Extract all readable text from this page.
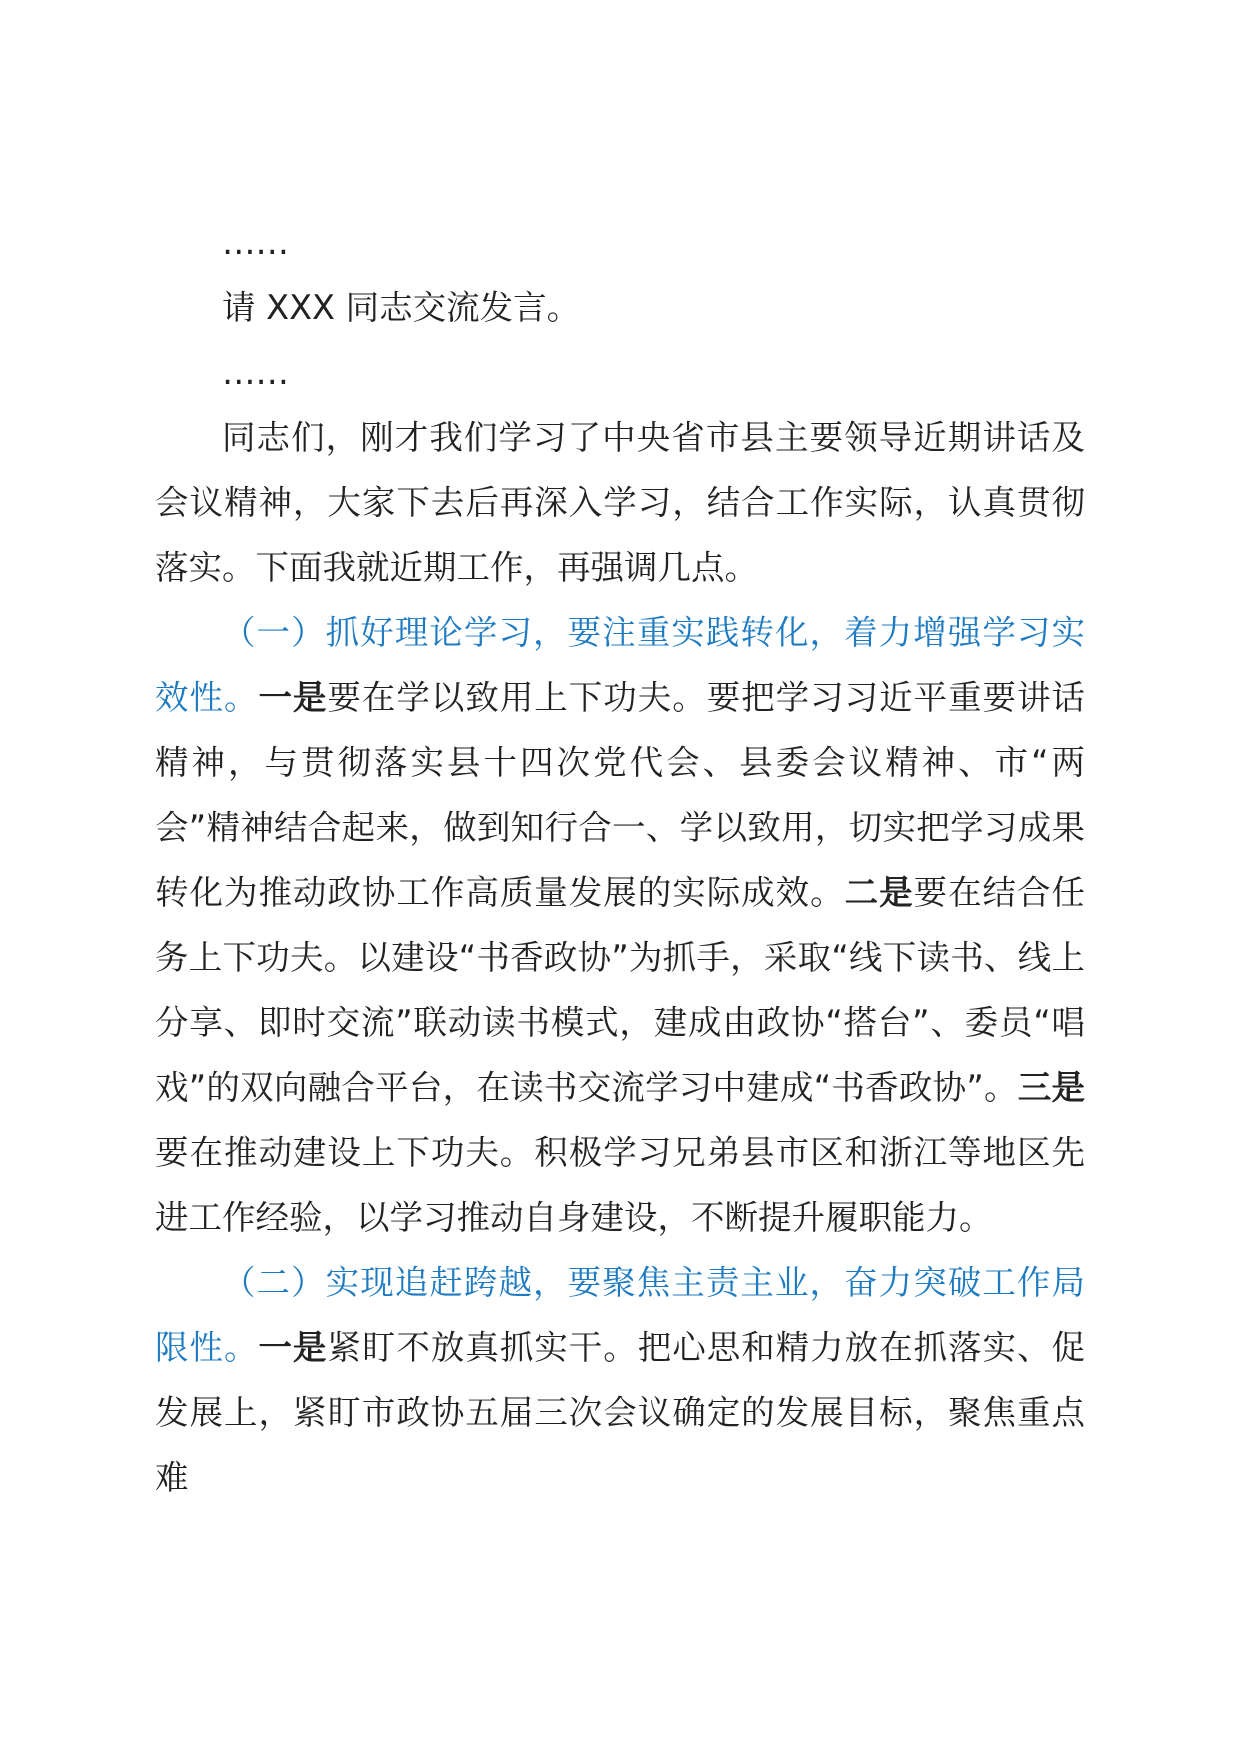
……

请 XXX 同志交流发言。

……

同志们，刚才我们学习了中央省市县主要领导近期讲话及会议精神，大家下去后再深入学习，结合工作实际，认真贯彻落实。下面我就近期工作，再强调几点。

（一）抓好理论学习，要注重实践转化，着力增强学习实效性。一是要在学以致用上下功夫。要把学习习近平重要讲话精神，与贯彻落实县十四次党代会、县委会议精神、市“两会”精神结合起来，做到知行合一、学以致用，切实把学习成果转化为推动政协工作高质量发展的实际成效。二是要在结合任务上下功夫。以建设“书香政协”为抓手，采取“线下读书、线上分享、即时交流”联动读书模式，建成由政协“搭台”、委员“唱戏”的双向融合平台，在读书交流学习中建成“书香政协”。三是要在推动建设上下功夫。积极学习兄弟县市区和浙江等地区先进工作经验，以学习推动自身建设，不断提升履职能力。

（二）实现追赶跨越，要聚焦主责主业，奋力突破工作局限性。一是紧盯不放真抓实干。把心思和精力放在抓落实、促发展上，紧盯市政协五届三次会议确定的发展目标，聚焦重点难
